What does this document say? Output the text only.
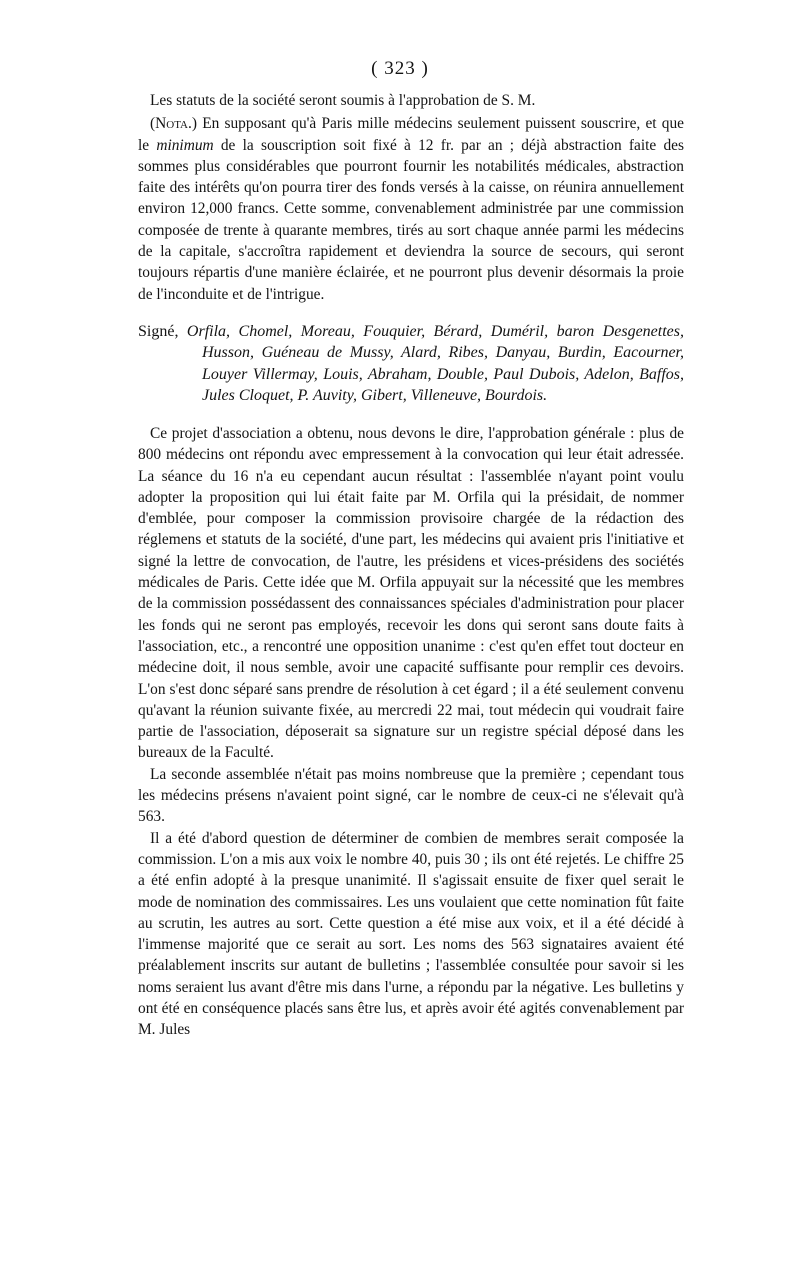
( 323 )

Les statuts de la société seront soumis à l'approbation de S. M.

(Nota.) En supposant qu'à Paris mille médecins seulement puissent souscrire, et que le minimum de la souscription soit fixé à 12 fr. par an ; déjà abstraction faite des sommes plus considérables que pourront fournir les notabilités médicales, abstraction faite des intérêts qu'on pourra tirer des fonds versés à la caisse, on réunira annuellement environ 12,000 francs. Cette somme, convenablement administrée par une commission composée de trente à quarante membres, tirés au sort chaque année parmi les médecins de la capitale, s'accroîtra rapidement et deviendra la source de secours, qui seront toujours répartis d'une manière éclairée, et ne pourront plus devenir désormais la proie de l'inconduite et de l'intrigue.

Signé, Orfila, Chomel, Moreau, Fouquier, Bérard, Duméril, baron Desgenettes, Husson, Guéneau de Mussy, Alard, Ribes, Danyau, Burdin, Eacourner, Louyer Villermay, Louis, Abraham, Double, Paul Dubois, Adelon, Baffos, Jules Cloquet, P. Auvity, Gibert, Villeneuve, Bourdois.

Ce projet d'association a obtenu, nous devons le dire, l'approbation générale : plus de 800 médecins ont répondu avec empressement à la convocation qui leur était adressée. La séance du 16 n'a eu cependant aucun résultat : l'assemblée n'ayant point voulu adopter la proposition qui lui était faite par M. Orfila qui la présidait, de nommer d'emblée, pour composer la commission provisoire chargée de la rédaction des réglemens et statuts de la société, d'une part, les médecins qui avaient pris l'initiative et signé la lettre de convocation, de l'autre, les présidens et vices-présidens des sociétés médicales de Paris. Cette idée que M. Orfila appuyait sur la nécessité que les membres de la commission possédassent des connaissances spéciales d'administration pour placer les fonds qui ne seront pas employés, recevoir les dons qui seront sans doute faits à l'association, etc., a rencontré une opposition unanime : c'est qu'en effet tout docteur en médecine doit, il nous semble, avoir une capacité suffisante pour remplir ces devoirs. L'on s'est donc séparé sans prendre de résolution à cet égard ; il a été seulement convenu qu'avant la réunion suivante fixée, au mercredi 22 mai, tout médecin qui voudrait faire partie de l'association, déposerait sa signature sur un registre spécial déposé dans les bureaux de la Faculté.

La seconde assemblée n'était pas moins nombreuse que la première ; cependant tous les médecins présens n'avaient point signé, car le nombre de ceux-ci ne s'élevait qu'à 563.

Il a été d'abord question de déterminer de combien de membres serait composée la commission. L'on a mis aux voix le nombre 40, puis 30 ; ils ont été rejetés. Le chiffre 25 a été enfin adopté à la presque unanimité. Il s'agissait ensuite de fixer quel serait le mode de nomination des commissaires. Les uns voulaient que cette nomination fût faite au scrutin, les autres au sort. Cette question a été mise aux voix, et il a été décidé à l'immense majorité que ce serait au sort. Les noms des 563 signataires avaient été préalablement inscrits sur autant de bulletins ; l'assemblée consultée pour savoir si les noms seraient lus avant d'être mis dans l'urne, a répondu par la négative. Les bulletins y ont été en conséquence placés sans être lus, et après avoir été agités convenablement par M. Jules
